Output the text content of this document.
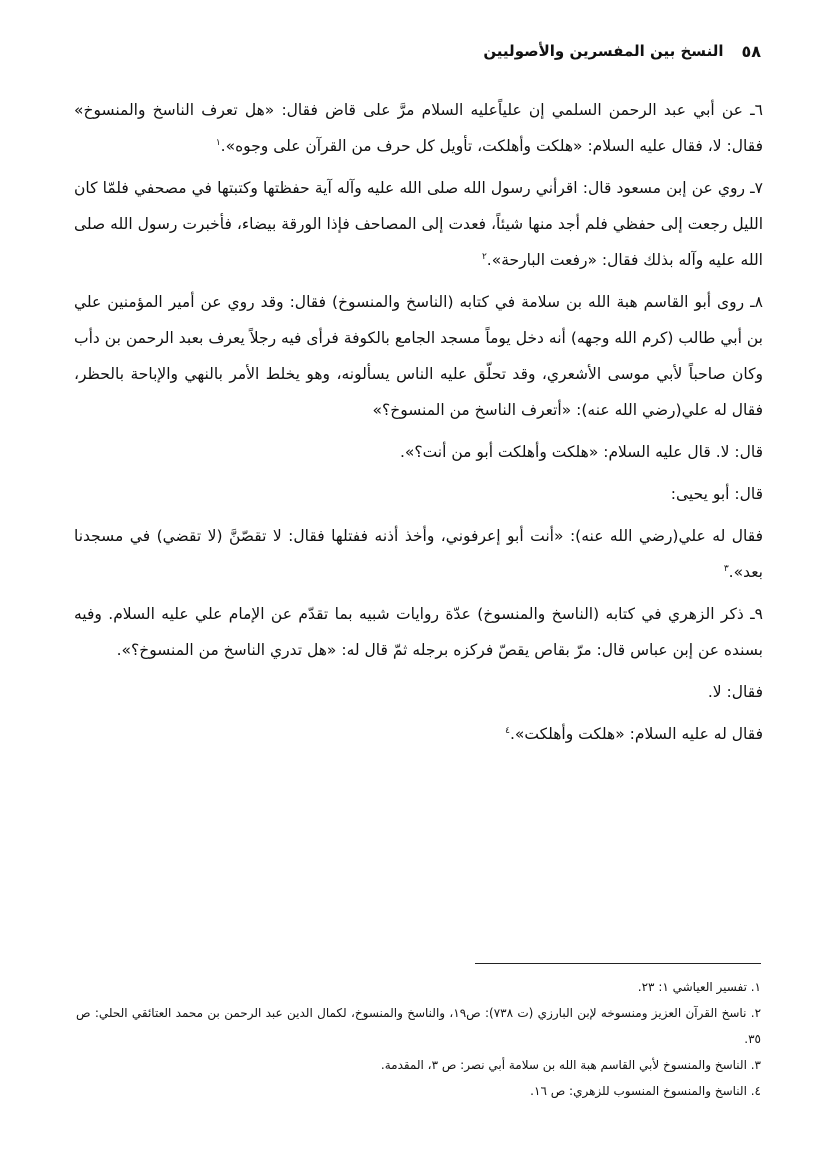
٥٨
النسخ بين المفسرين والأصوليين

٦ـ عن أبي عبد الرحمن السلمي إن علياًعليه السلام مرَّ على قاض فقال: «هل تعرف الناسخ والمنسوخ» فقال: لا، فقال عليه السلام: «هلكت وأهلكت، تأويل كل حرف من القرآن على وجوه».$^١$

٧ـ روي عن إبن مسعود قال: اقرأني رسول الله صلى الله عليه وآله آية حفظتها وكتبتها في مصحفي فلمّا كان الليل رجعت إلى حفظي فلم أجد منها شيئاً، فعدت إلى المصاحف فإذا الورقة بيضاء، فأخبرت رسول الله صلى الله عليه وآله بذلك فقال: «رفعت البارحة».$^٢$

٨ـ روى أبو القاسم هبة الله بن سلامة في كتابه (الناسخ والمنسوخ) فقال: وقد روي عن أمير المؤمنين علي بن أبي طالب (كرم الله وجهه) أنه دخل يوماً مسجد الجامع بالكوفة فرأى فيه رجلاً يعرف بعبد الرحمن بن دأب وكان صاحباً لأبي موسى الأشعري، وقد تحلّق عليه الناس يسألونه، وهو يخلط الأمر بالنهي والإباحة بالحظر، فقال له علي(رضي الله عنه): «أتعرف الناسخ من المنسوخ؟»

قال: لا. قال عليه السلام: «هلكت وأهلكت أبو من أنت؟».

قال: أبو يحيى:

فقال له علي(رضي الله عنه): «أنت أبو إعرفوني، وأخذ أذنه ففتلها فقال: لا تقصّنَّ (لا تقضي) في مسجدنا بعد».$^٣$

٩ـ ذكر الزهري في كتابه (الناسخ والمنسوخ) عدّة روايات شبيه بما تقدّم عن الإمام علي عليه السلام. وفيه بسنده عن إبن عباس قال: مرّ بقاص يقصّ فركزه برجله ثمّ قال له: «هل تدري الناسخ من المنسوخ؟».

فقال: لا.

فقال له عليه السلام: «هلكت وأهلكت».$^٤$

١. تفسير العياشي ١: ٢٣.

٢. ناسخ القرآن العزيز ومنسوخه لإبن البارزي (ت ٧٣٨): ص١٩، والناسخ والمنسوخ، لكمال الدين عبد الرحمن بن محمد العتائقي الحلي: ص ٣٥.

٣. الناسخ والمنسوخ لأبي القاسم هبة الله بن سلامة أبي نصر: ص ٣، المقدمة.

٤. الناسخ والمنسوخ المنسوب للزهري: ص ١٦.
